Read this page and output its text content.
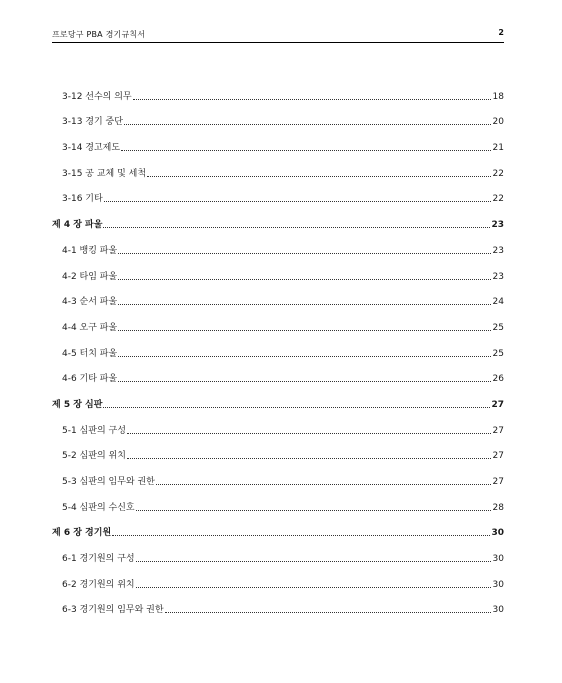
프로당구 PBA 경기규칙서	2
3-12 선수의 의무	18
3-13 경기 중단	20
3-14 경고제도	21
3-15 공 교체 및 세척	22
3-16 기타	22
제 4 장 파울	23
4-1 뱅킹 파울	23
4-2 타임 파울	23
4-3 순서 파울	24
4-4 오구 파울	25
4-5 터치 파울	25
4-6 기타 파울	26
제 5 장 심판	27
5-1 심판의 구성	27
5-2 심판의 위치	27
5-3 심판의 임무와 권한	27
5-4 심판의 수신호	28
제 6 장 경기원	30
6-1 경기원의 구성	30
6-2 경기원의 위치	30
6-3 경기원의 임무와 권한	30
